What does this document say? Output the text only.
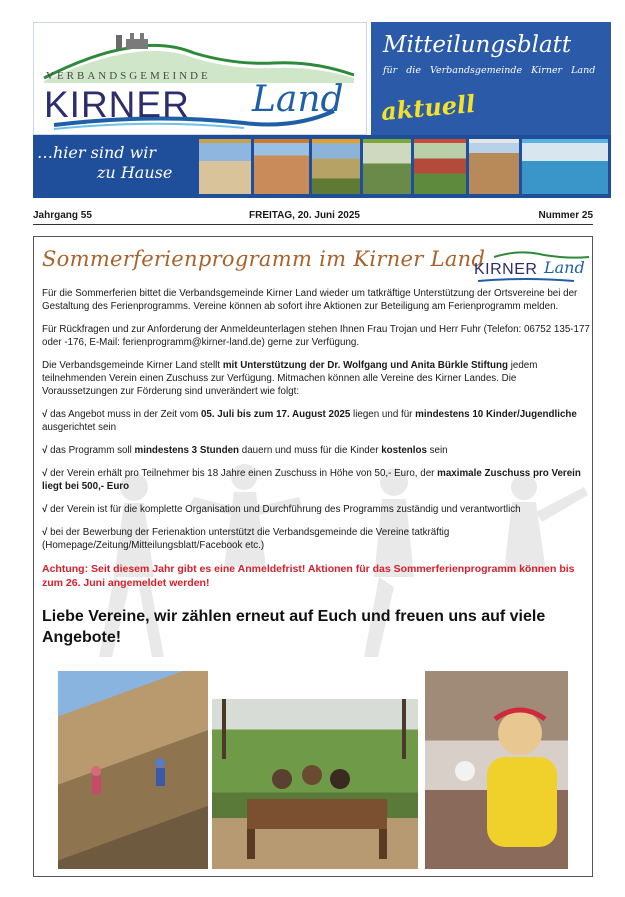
VERBANDSGEMEINDE
KIRNER Land
Mitteilungsblatt
für die Verbandsgemeinde Kirner Land
aktuell
…hier sind wir
zu Hause
Jahrgang 55	FREITAG, 20. Juni 2025	Nummer 25
Sommerferienprogramm im Kirner Land
KIRNER Land

Für die Sommerferien bittet die Verbandsgemeinde Kirner Land wieder um tatkräftige Unterstützung der Ortsvereine bei der Gestaltung des Ferienprogramms. Vereine können ab sofort ihre Aktionen zur Beteiligung am Ferienprogramm melden.

Für Rückfragen und zur Anforderung der Anmeldeunterlagen stehen Ihnen Frau Trojan und Herr Fuhr (Telefon: 06752 135-177 oder -176, E-Mail: ferienprogramm@kirner-land.de) gerne zur Verfügung.

Die Verbandsgemeinde Kirner Land stellt mit Unterstützung der Dr. Wolfgang und Anita Bürkle Stiftung jedem teilnehmenden Verein einen Zuschuss zur Verfügung. Mitmachen können alle Vereine des Kirner Landes. Die Voraussetzungen zur Förderung sind unverändert wie folgt:

√ das Angebot muss in der Zeit vom 05. Juli bis zum 17. August 2025 liegen und für mindestens 10 Kinder/Jugendliche ausgerichtet sein

√ das Programm soll mindestens 3 Stunden dauern und muss für die Kinder kostenlos sein

√ der Verein erhält pro Teilnehmer bis 18 Jahre einen Zuschuss in Höhe von 50,- Euro, der maximale Zuschuss pro Verein liegt bei 500,- Euro

√ der Verein ist für die komplette Organisation und Durchführung des Programms zuständig und verantwortlich

√ bei der Bewerbung der Ferienaktion unterstützt die Verbandsgemeinde die Vereine tatkräftig (Homepage/Zeitung/Mitteilungsblatt/Facebook etc.)

Achtung: Seit diesem Jahr gibt es eine Anmeldefrist! Aktionen für das Sommerferienprogramm können bis zum 26. Juni angemeldet werden!
Liebe Vereine, wir zählen erneut auf Euch und freuen uns auf viele Angebote!
